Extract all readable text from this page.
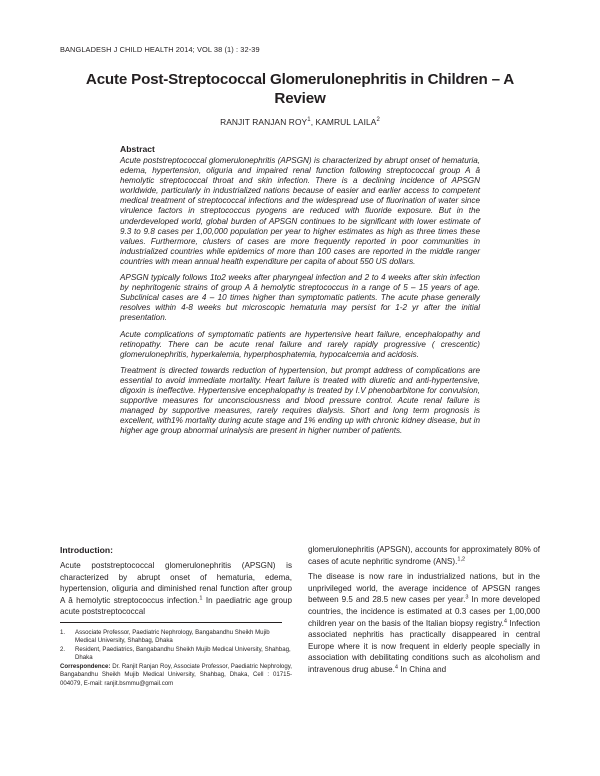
BANGLADESH J CHILD HEALTH 2014; VOL 38 (1) : 32-39
Acute Post-Streptococcal Glomerulonephritis in Children – A Review
RANJIT RANJAN ROY$^1$, KAMRUL LAILA$^2$
Abstract

Acute poststreptococcal glomerulonephritis (APSGN) is characterized by abrupt onset of hematuria, edema, hypertension, oliguria and impaired renal function following streptococcal group A â hemolytic streptococcal throat and skin infection. There is a declining incidence of APSGN worldwide, particularly in industrialized nations because of easier and earlier access to competent medical treatment of streptococcal infections and the widespread use of fluorination of water since virulence factors in streptococcus pyogens are reduced with fluoride exposure. But in the underdeveloped world, global burden of APSGN continues to be significant with lower estimate of 9.3 to 9.8 cases per 1,00,000 population per year to higher estimates as high as three times these values. Furthermore, clusters of cases are more frequently reported in poor communities in industrialized countries while epidemics of more than 100 cases are reported in the middle ranger countries with mean annual health expenditure per capita of about 550 US dollars.

APSGN typically follows 1to2 weeks after pharyngeal infection and 2 to 4 weeks after skin infection by nephritogenic strains of group A â hemolytic streptococcus in a range of 5 – 15 years of age. Subclinical cases are 4 – 10 times higher than symptomatic patients. The acute phase generally resolves within 4-8 weeks but microscopic hematuria may persist for 1-2 yr after the initial presentation.

Acute complications of symptomatic patients are hypertensive heart failure, encephalopathy and retinopathy. There can be acute renal failure and rarely rapidly progressive ( crescentic) glomerulonephritis, hyperkalemia, hyperphosphatemia, hypocalcemia and acidosis.

Treatment is directed towards reduction of hypertension, but prompt address of complications are essential to avoid immediate mortality. Heart failure is treated with diuretic and anti-hypertensive, digoxin is ineffective. Hypertensive encephalopathy is treated by I.V phenobarbitone for convulsion, supportive measures for unconsciousness and blood pressure control. Acute renal failure is managed by supportive measures, rarely requires dialysis. Short and long term prognosis is excellent, with1% mortality during acute stage and 1% ending up with chronic kidney disease, but in higher age group abnormal urinalysis are present in higher number of patients.

Introduction:

Acute poststreptococcal glomerulonephritis (APSGN) is characterized by abrupt onset of hematuria, edema, hypertension, oliguria and diminished renal function after group A â hemolytic streptococcus infection.$^1$ In paediatric age group acute poststreptococcal

1.	Associate Professor, Paediatric Nephrology, Bangabandhu Sheikh Mujib Medical University, Shahbag, Dhaka
2.	Resident, Paediatrics, Bangabandhu Sheikh Mujib Medical University, Shahbag, Dhaka

Correspondence: Dr. Ranjit Ranjan Roy, Associate Professor, Paediatric Nephrology, Bangabandhu Sheikh Mujib Medical University, Shahbag, Dhaka, Cell : 01715-004079, E-mail: ranjit.bsmmu@gmail.com

glomerulonephritis (APSGN), accounts for approximately 80% of cases of acute nephritic syndrome (ANS).$^{1,2}$

The disease is now rare in industrialized nations, but in the unprivileged world, the average incidence of APSGN ranges between 9.5 and 28.5 new cases per year.$^3$ In more developed countries, the incidence is estimated at 0.3 cases per 1,00,000 children year on the basis of the Italian biopsy registry.$^4$ Infection associated nephritis has practically disappeared in central Europe where it is now frequent in elderly people specially in association with debilitating conditions such as alcoholism and intravenous drug abuse.$^4$ In China and
